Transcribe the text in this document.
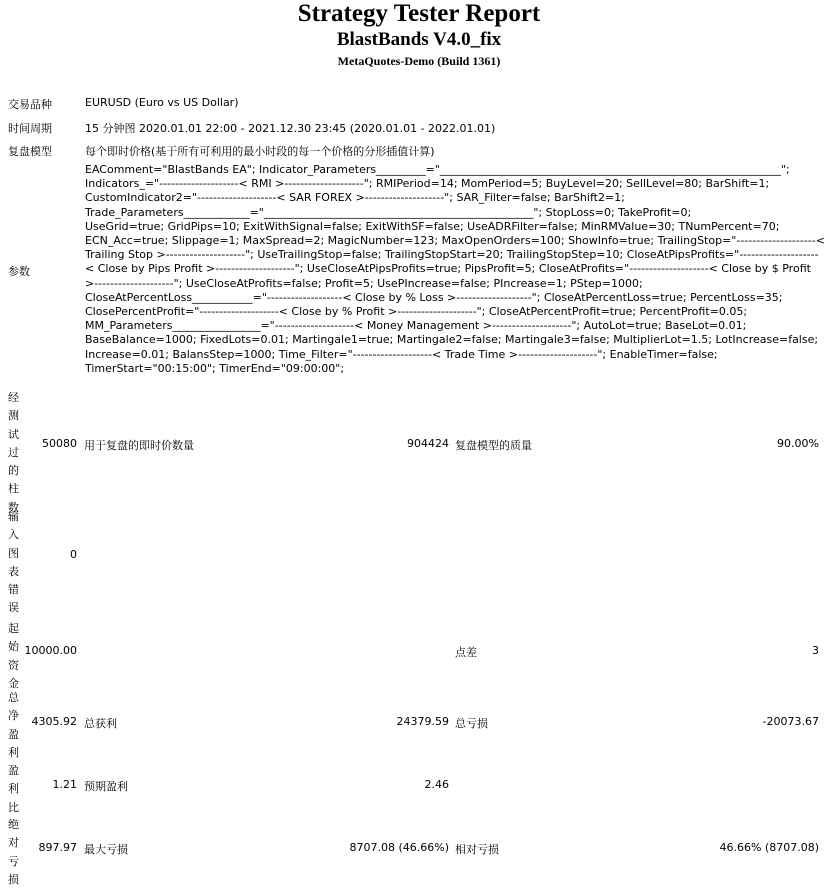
Strategy Tester Report
BlastBands V4.0_fix
MetaQuotes-Demo (Build 1361)
交易品种	EURUSD (Euro vs US Dollar)
时间周期	15 分钟图 2020.01.01 22:00 - 2021.12.30 23:45 (2020.01.01 - 2022.01.01)
复盘模型	每个即时价格(基于所有可利用的最小时段的每一个价格的分形插值计算)
参数
EAComment="BlastBands EA"; Indicator_Parameters_________="______________________________________________________________";
Indicators_="--------------------< RMI >--------------------"; RMIPeriod=14; MomPeriod=5; BuyLevel=20; SellLevel=80; BarShift=1;
CustomIndicator2="--------------------< SAR FOREX >--------------------"; SAR_Filter=false; BarShift2=1;
Trade_Parameters____________="_________________________________________________"; StopLoss=0; TakeProfit=0;
UseGrid=true; GridPips=10; ExitWithSignal=false; ExitWithSF=false; UseADRFilter=false; MinRMValue=30; TNumPercent=70;
ECN_Acc=true; Slippage=1; MaxSpread=2; MagicNumber=123; MaxOpenOrders=100; ShowInfo=true; TrailingStop="--------------------<
Trailing Stop >--------------------"; UseTrailingStop=false; TrailingStopStart=20; TrailingStopStep=10; CloseAtPipsProfits="--------------------
< Close by Pips Profit >--------------------"; UseCloseAtPipsProfits=true; PipsProfit=5; CloseAtProfits="--------------------< Close by $ Profit
>--------------------"; UseCloseAtProfits=false; Profit=5; UsePIncrease=false; PIncrease=1; PStep=1000;
CloseAtPercentLoss___________="-------------------< Close by % Loss >-------------------"; CloseAtPercentLoss=true; PercentLoss=35;
ClosePercentProfit="--------------------< Close by % Profit >--------------------"; CloseAtPercentProfit=true; PercentProfit=0.05;
MM_Parameters________________="--------------------< Money Management >--------------------"; AutoLot=true; BaseLot=0.01;
BaseBalance=1000; FixedLots=0.01; Martingale1=true; Martingale2=false; Martingale3=false; MultiplierLot=1.5; LotIncrease=false;
Increase=0.01; BalansStep=1000; Time_Filter="--------------------< Trade Time >--------------------"; EnableTimer=false;
TimerStart="00:15:00"; TimerEnd="09:00:00";
经测试过的柱数
50080 用于复盘的即时价数量	904424 复盘模型的质量	90.00%
输入图表错误
0
起始资金
10000.00	点差	3
总净盈利
4305.92 总获利	24379.59 总亏损	-20073.67
盈利比
1.21 预期盈利	2.46
绝对亏损
897.97 最大亏损	8707.08 (46.66%) 相对亏损	46.66% (8707.08)
